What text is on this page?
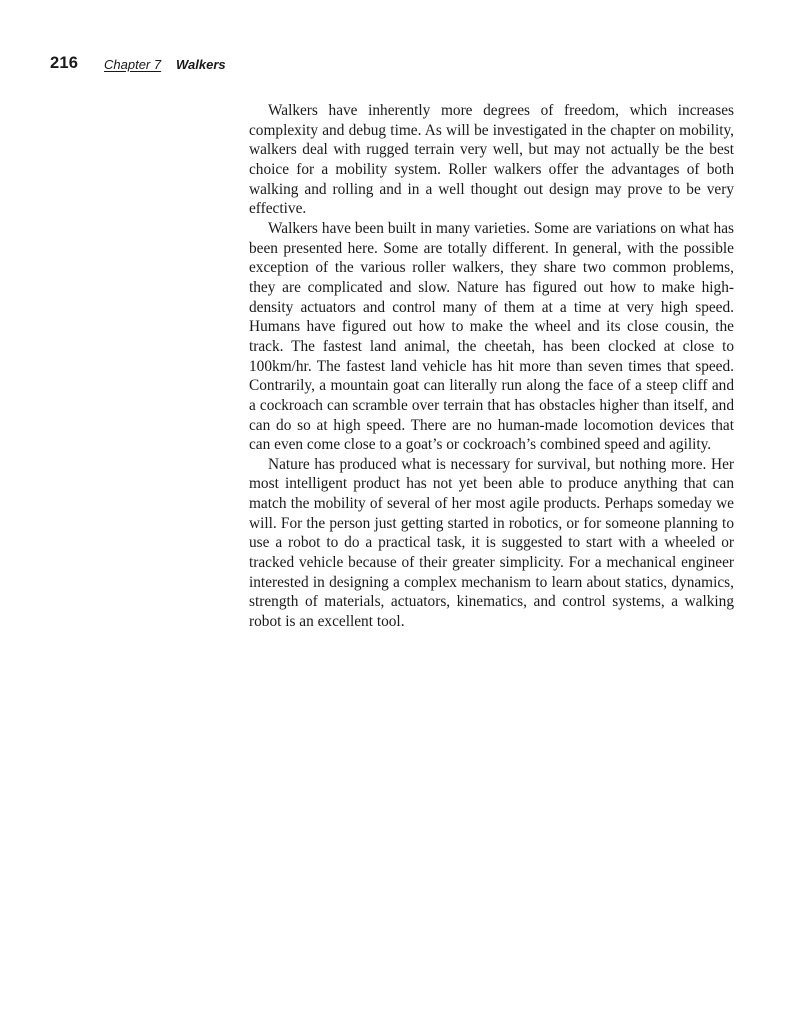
216 Chapter 7 Walkers

Walkers have inherently more degrees of freedom, which increases complexity and debug time. As will be investigated in the chapter on mobility, walkers deal with rugged terrain very well, but may not actually be the best choice for a mobility system. Roller walkers offer the advantages of both walking and rolling and in a well thought out design may prove to be very effective.

Walkers have been built in many varieties. Some are variations on what has been presented here. Some are totally different. In general, with the possible exception of the various roller walkers, they share two common problems, they are complicated and slow. Nature has figured out how to make high-density actuators and control many of them at a time at very high speed. Humans have figured out how to make the wheel and its close cousin, the track. The fastest land animal, the cheetah, has been clocked at close to 100km/hr. The fastest land vehicle has hit more than seven times that speed. Contrarily, a mountain goat can literally run along the face of a steep cliff and a cockroach can scramble over terrain that has obstacles higher than itself, and can do so at high speed. There are no human-made locomotion devices that can even come close to a goat’s or cockroach’s combined speed and agility.

Nature has produced what is necessary for survival, but nothing more. Her most intelligent product has not yet been able to produce anything that can match the mobility of several of her most agile products. Perhaps someday we will. For the person just getting started in robotics, or for someone planning to use a robot to do a practical task, it is suggested to start with a wheeled or tracked vehicle because of their greater simplicity. For a mechanical engineer interested in designing a complex mechanism to learn about statics, dynamics, strength of materials, actuators, kinematics, and control systems, a walking robot is an excellent tool.
